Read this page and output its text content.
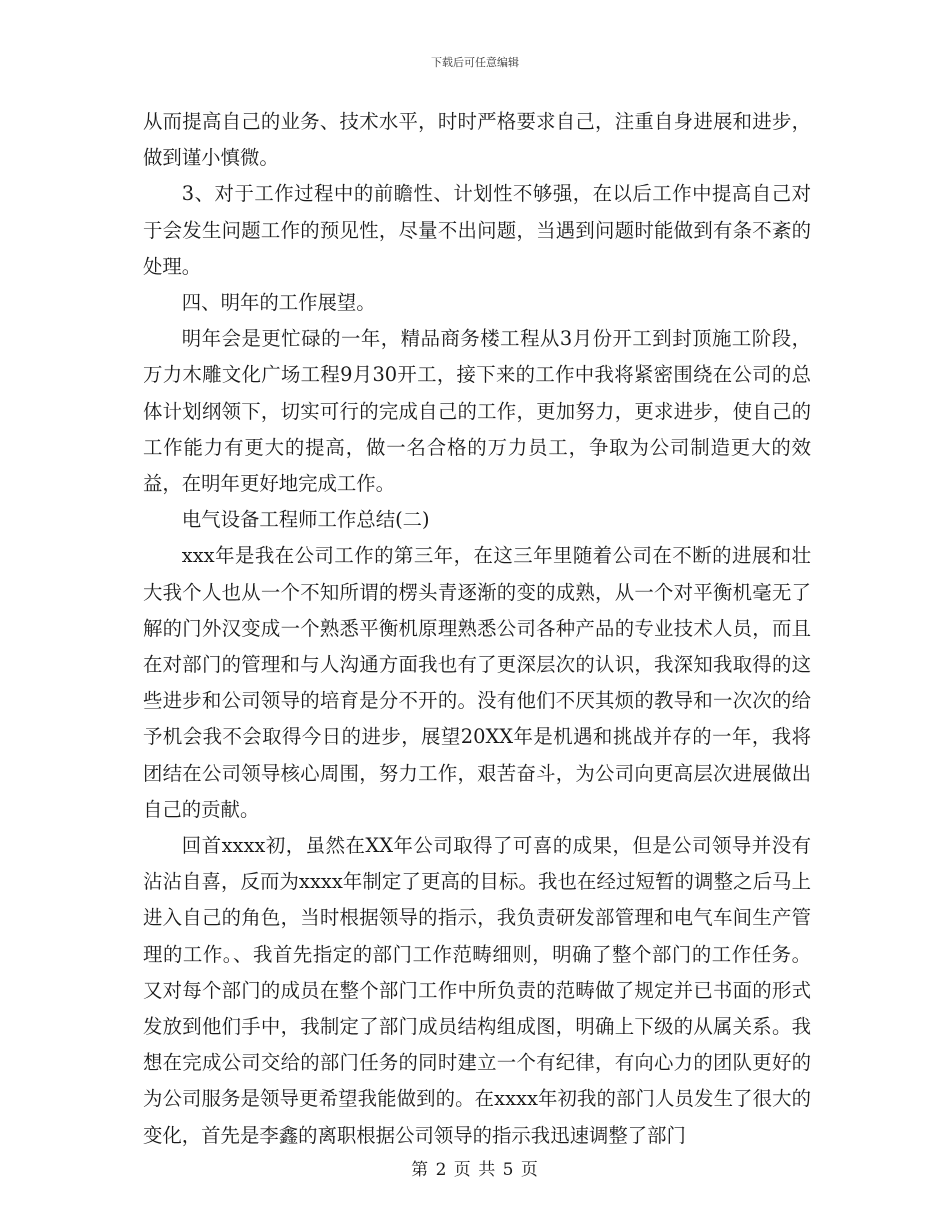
下载后可任意编辑

从而提高自己的业务、技术水平，时时严格要求自己，注重自身进展和进步，做到谨小慎微。

3、对于工作过程中的前瞻性、计划性不够强，在以后工作中提高自己对于会发生问题工作的预见性，尽量不出问题，当遇到问题时能做到有条不紊的处理。

四、明年的工作展望。

明年会是更忙碌的一年，精品商务楼工程从3月份开工到封顶施工阶段，万力木雕文化广场工程9月30开工，接下来的工作中我将紧密围绕在公司的总体计划纲领下，切实可行的完成自己的工作，更加努力，更求进步，使自己的工作能力有更大的提高，做一名合格的万力员工，争取为公司制造更大的效益，在明年更好地完成工作。

电气设备工程师工作总结(二)

xxx年是我在公司工作的第三年，在这三年里随着公司在不断的进展和壮大我个人也从一个不知所谓的楞头青逐渐的变的成熟，从一个对平衡机毫无了解的门外汉变成一个熟悉平衡机原理熟悉公司各种产品的专业技术人员，而且在对部门的管理和与人沟通方面我也有了更深层次的认识，我深知我取得的这些进步和公司领导的培育是分不开的。没有他们不厌其烦的教导和一次次的给予机会我不会取得今日的进步，展望20XX年是机遇和挑战并存的一年，我将团结在公司领导核心周围，努力工作，艰苦奋斗，为公司向更高层次进展做出自己的贡献。

回首xxxx初，虽然在XX年公司取得了可喜的成果，但是公司领导并没有沾沾自喜，反而为xxxx年制定了更高的目标。我也在经过短暂的调整之后马上进入自己的角色，当时根据领导的指示，我负责研发部管理和电气车间生产管理的工作。、我首先指定的部门工作范畴细则，明确了整个部门的工作任务。又对每个部门的成员在整个部门工作中所负责的范畴做了规定并已书面的形式发放到他们手中，我制定了部门成员结构组成图，明确上下级的从属关系。我想在完成公司交给的部门任务的同时建立一个有纪律，有向心力的团队更好的为公司服务是领导更希望我能做到的。在xxxx年初我的部门人员发生了很大的变化，首先是李鑫的离职根据公司领导的指示我迅速调整了部门

第 2 页 共 5 页
